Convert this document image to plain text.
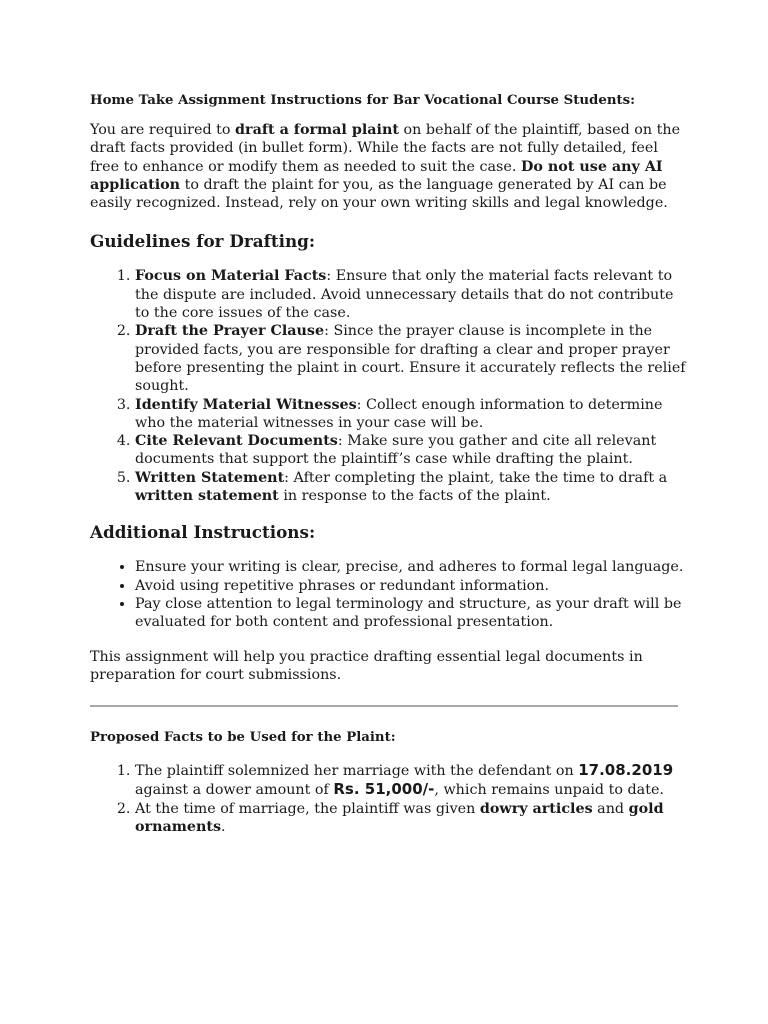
Home Take Assignment Instructions for Bar Vocational Course Students:

You are required to draft a formal plaint on behalf of the plaintiff, based on the draft facts provided (in bullet form). While the facts are not fully detailed, feel free to enhance or modify them as needed to suit the case. Do not use any AI application to draft the plaint for you, as the language generated by AI can be easily recognized. Instead, rely on your own writing skills and legal knowledge.

Guidelines for Drafting:
1. Focus on Material Facts: Ensure that only the material facts relevant to the dispute are included. Avoid unnecessary details that do not contribute to the core issues of the case.
2. Draft the Prayer Clause: Since the prayer clause is incomplete in the provided facts, you are responsible for drafting a clear and proper prayer before presenting the plaint in court. Ensure it accurately reflects the relief sought.
3. Identify Material Witnesses: Collect enough information to determine who the material witnesses in your case will be.
4. Cite Relevant Documents: Make sure you gather and cite all relevant documents that support the plaintiff’s case while drafting the plaint.
5. Written Statement: After completing the plaint, take the time to draft a written statement in response to the facts of the plaint.
Additional Instructions:
• Ensure your writing is clear, precise, and adheres to formal legal language.
• Avoid using repetitive phrases or redundant information.
• Pay close attention to legal terminology and structure, as your draft will be evaluated for both content and professional presentation.

This assignment will help you practice drafting essential legal documents in preparation for court submissions.

Proposed Facts to be Used for the Plaint:

1. The plaintiff solemnized her marriage with the defendant on 17.08.2019 against a dower amount of Rs. 51,000/-, which remains unpaid to date.
2. At the time of marriage, the plaintiff was given dowry articles and gold ornaments.
